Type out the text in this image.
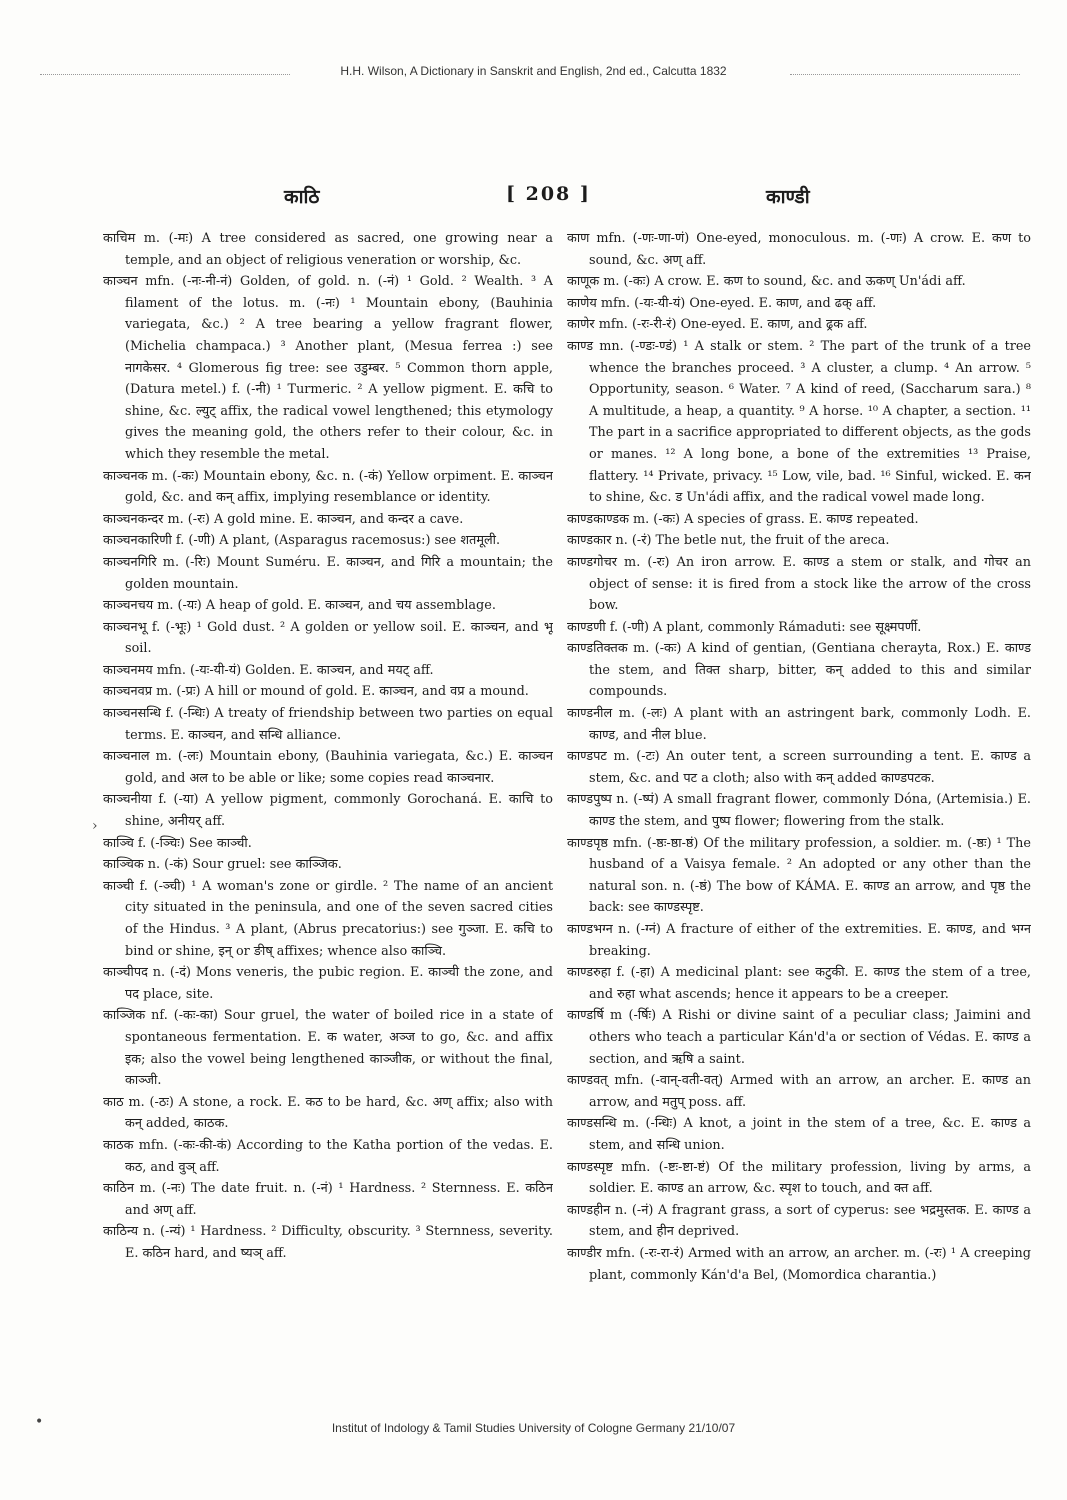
H.H. Wilson, A Dictionary in Sanskrit and English, 2nd ed., Calcutta 1832
काठि	[ 208 ]	काण्डी

काचिम m. (-मः) A tree considered as sacred, one growing near a temple, and an object of religious veneration or worship, &c.

काञ्चन mfn. (-नः-नी-नं) Golden, of gold. n. (-नं) ¹ Gold. ² Wealth. ³ A filament of the lotus. m. (-नः) ¹ Mountain ebony, (Bauhinia variegata, &c.) ² A tree bearing a yellow fragrant flower, (Michelia champaca.) ³ Another plant, (Mesua ferrea :) see नागकेसर. ⁴ Glomerous fig tree: see उडुम्बर. ⁵ Common thorn apple, (Datura metel.) f. (-नी) ¹ Turmeric. ² A yellow pigment. E. कचि to shine, &c. ल्युट् affix, the radical vowel lengthened; this etymology gives the meaning gold, the others refer to their colour, &c. in which they resemble the metal.

काञ्चनक m. (-कः) Mountain ebony, &c. n. (-कं) Yellow orpiment. E. काञ्चन gold, &c. and कन् affix, implying resemblance or identity.

काञ्चनकन्दर m. (-रः) A gold mine. E. काञ्चन, and कन्दर a cave.

काञ्चनकारिणी f. (-णी) A plant, (Asparagus racemosus:) see शतमूली.

काञ्चनगिरि m. (-रिः) Mount Suméru. E. काञ्चन, and गिरि a mountain; the golden mountain.

काञ्चनचय m. (-यः) A heap of gold. E. काञ्चन, and चय assemblage.

काञ्चनभू f. (-भूः) ¹ Gold dust. ² A golden or yellow soil. E. काञ्चन, and भू soil.

काञ्चनमय mfn. (-यः-यी-यं) Golden. E. काञ्चन, and मयट् aff.

काञ्चनवप्र m. (-प्रः) A hill or mound of gold. E. काञ्चन, and वप्र a mound.

काञ्चनसन्धि f. (-न्धिः) A treaty of friendship between two parties on equal terms. E. काञ्चन, and सन्धि alliance.

काञ्चनाल m. (-लः) Mountain ebony, (Bauhinia variegata, &c.) E. काञ्चन gold, and अल to be able or like; some copies read काञ्चनार.

काञ्चनीया f. (-या) A yellow pigment, commonly Gorochaná. E. काचि to shine, अनीयर् aff.

काञ्चि f. (-ञ्चिः) See काञ्ची.

काञ्चिक n. (-कं) Sour gruel: see काञ्जिक.

काञ्ची f. (-ञ्ची) ¹ A woman's zone or girdle. ² The name of an ancient city situated in the peninsula, and one of the seven sacred cities of the Hindus. ³ A plant, (Abrus precatorius:) see गुञ्जा. E. कचि to bind or shine, इन् or ङीष् affixes; whence also काञ्चि.

काञ्चीपद n. (-दं) Mons veneris, the pubic region. E. काञ्ची the zone, and पद place, site.

काञ्जिक nf. (-कः-का) Sour gruel, the water of boiled rice in a state of spontaneous fermentation. E. क water, अञ्ज to go, &c. and affix इक; also the vowel being lengthened काञ्जीक, or without the final, काञ्जी.

काठ m. (-ठः) A stone, a rock. E. कठ to be hard, &c. अण् affix; also with कन् added, काठक.

काठक mfn. (-कः-की-कं) According to the Katha portion of the vedas. E. कठ, and वुञ् aff.

काठिन m. (-नः) The date fruit. n. (-नं) ¹ Hardness. ² Sternness. E. कठिन and अण् aff.

काठिन्य n. (-न्यं) ¹ Hardness. ² Difficulty, obscurity. ³ Sternness, severity. E. कठिन hard, and ष्यञ् aff.

काण mfn. (-णः-णा-णं) One-eyed, monoculous. m. (-णः) A crow. E. कण to sound, &c. अण् aff.

काणूक m. (-कः) A crow. E. कण to sound, &c. and ऊकण् Un'ádi aff.

काणेय mfn. (-यः-यी-यं) One-eyed. E. काण, and ढक् aff.

काणेर mfn. (-रः-री-रं) One-eyed. E. काण, and ढ्रक aff.

काण्ड mn. (-ण्डः-ण्डं) ¹ A stalk or stem. ² The part of the trunk of a tree whence the branches proceed. ³ A cluster, a clump. ⁴ An arrow. ⁵ Opportunity, season. ⁶ Water. ⁷ A kind of reed, (Saccharum sara.) ⁸ A multitude, a heap, a quantity. ⁹ A horse. ¹⁰ A chapter, a section. ¹¹ The part in a sacrifice appropriated to different objects, as the gods or manes. ¹² A long bone, a bone of the extremities ¹³ Praise, flattery. ¹⁴ Private, privacy. ¹⁵ Low, vile, bad. ¹⁶ Sinful, wicked. E. कन to shine, &c. ड Un'ádi affix, and the radical vowel made long.

काण्डकाण्डक m. (-कः) A species of grass. E. काण्ड repeated.

काण्डकार n. (-रं) The betle nut, the fruit of the areca.

काण्डगोचर m. (-रः) An iron arrow. E. काण्ड a stem or stalk, and गोचर an object of sense: it is fired from a stock like the arrow of the cross bow.

काण्डणी f. (-णी) A plant, commonly Rámaduti: see सूक्ष्मपर्णी.

काण्डतिक्तक m. (-कः) A kind of gentian, (Gentiana cherayta, Rox.) E. काण्ड the stem, and तिक्त sharp, bitter, कन् added to this and similar compounds.

काण्डनील m. (-लः) A plant with an astringent bark, commonly Lodh. E. काण्ड, and नील blue.

काण्डपट m. (-टः) An outer tent, a screen surrounding a tent. E. काण्ड a stem, &c. and पट a cloth; also with कन् added काण्डपटक.

काण्डपुष्प n. (-ष्पं) A small fragrant flower, commonly Dóna, (Artemisia.) E. काण्ड the stem, and पुष्प flower; flowering from the stalk.

काण्डपृष्ठ mfn. (-ष्ठः-ष्ठा-ष्ठं) Of the military profession, a soldier. m. (-ष्ठः) ¹ The husband of a Vaisya female. ² An adopted or any other than the natural son. n. (-ष्ठं) The bow of KÁMA. E. काण्ड an arrow, and पृष्ठ the back: see काण्डस्पृष्ट.

काण्डभग्न n. (-ग्नं) A fracture of either of the extremities. E. काण्ड, and भग्न breaking.

काण्डरुहा f. (-हा) A medicinal plant: see कटुकी. E. काण्ड the stem of a tree, and रुहा what ascends; hence it appears to be a creeper.

काण्डर्षि m (-र्षिः) A Rishi or divine saint of a peculiar class; Jaimini and others who teach a particular Kán'd'a or section of Védas. E. काण्ड a section, and ऋषि a saint.

काण्डवत् mfn. (-वान्-वती-वत्) Armed with an arrow, an archer. E. काण्ड an arrow, and मतुप् poss. aff.

काण्डसन्धि m. (-न्धिः) A knot, a joint in the stem of a tree, &c. E. काण्ड a stem, and सन्धि union.

काण्डस्पृष्ट mfn. (-ष्टः-ष्टा-ष्टं) Of the military profession, living by arms, a soldier. E. काण्ड an arrow, &c. स्पृश to touch, and क्त aff.

काण्डहीन n. (-नं) A fragrant grass, a sort of cyperus: see भद्रमुस्तक. E. काण्ड a stem, and हीन deprived.

काण्डीर mfn. (-रः-रा-रं) Armed with an arrow, an archer. m. (-रः) ¹ A creeping plant, commonly Kán'd'a Bel, (Momordica charantia.)

›
•	Institut of Indology & Tamil Studies University of Cologne Germany 21/10/07
